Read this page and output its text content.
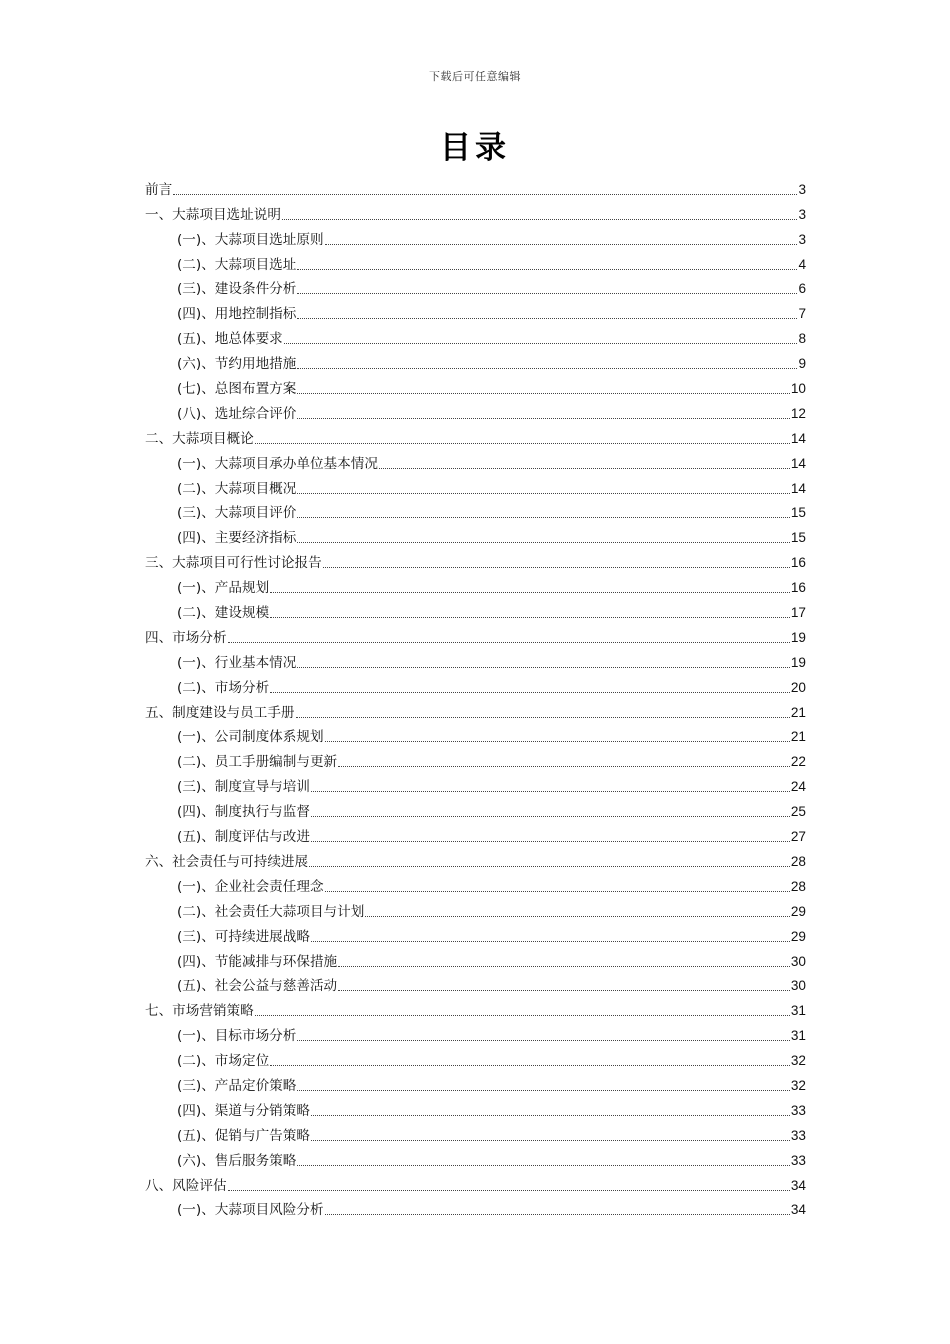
下载后可任意编辑
目录
前言	3
一、大蒜项目选址说明	3
(一)、大蒜项目选址原则	3
(二)、大蒜项目选址	4
(三)、建设条件分析	6
(四)、用地控制指标	7
(五)、地总体要求	8
(六)、节约用地措施	9
(七)、总图布置方案	10
(八)、选址综合评价	12
二、大蒜项目概论	14
(一)、大蒜项目承办单位基本情况	14
(二)、大蒜项目概况	14
(三)、大蒜项目评价	15
(四)、主要经济指标	15
三、大蒜项目可行性讨论报告	16
(一)、产品规划	16
(二)、建设规模	17
四、市场分析	19
(一)、行业基本情况	19
(二)、市场分析	20
五、制度建设与员工手册	21
(一)、公司制度体系规划	21
(二)、员工手册编制与更新	22
(三)、制度宣导与培训	24
(四)、制度执行与监督	25
(五)、制度评估与改进	27
六、社会责任与可持续进展	28
(一)、企业社会责任理念	28
(二)、社会责任大蒜项目与计划	29
(三)、可持续进展战略	29
(四)、节能减排与环保措施	30
(五)、社会公益与慈善活动	30
七、市场营销策略	31
(一)、目标市场分析	31
(二)、市场定位	32
(三)、产品定价策略	32
(四)、渠道与分销策略	33
(五)、促销与广告策略	33
(六)、售后服务策略	33
八、风险评估	34
(一)、大蒜项目风险分析	34
